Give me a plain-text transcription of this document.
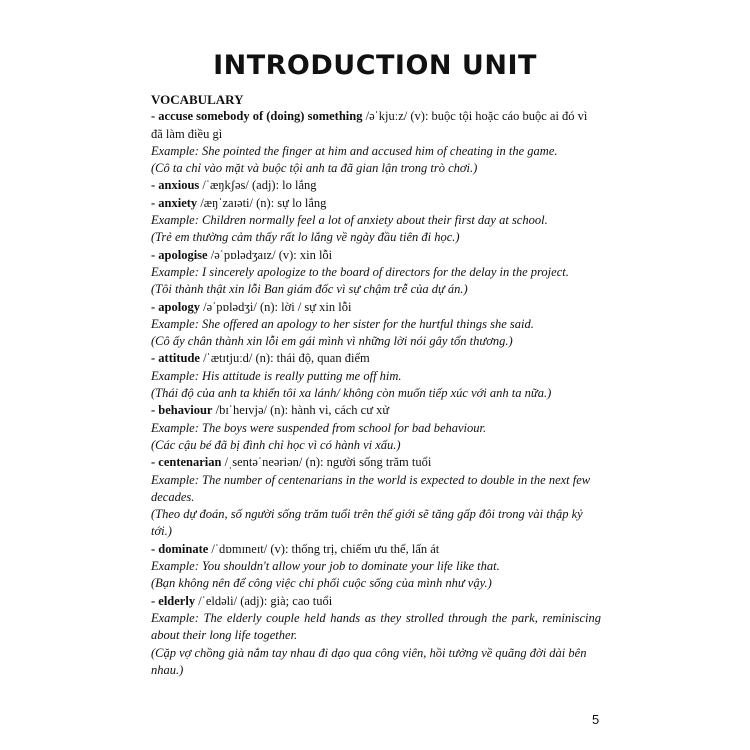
INTRODUCTION UNIT
VOCABULARY
- accuse somebody of (doing) something /əˈkjuːz/ (v): buộc tội hoặc cáo buộc ai đó vì đã làm điều gì
Example: She pointed the finger at him and accused him of cheating in the game.
(Cô ta chỉ vào mặt và buộc tội anh ta đã gian lận trong trò chơi.)
- anxious /ˈæŋkʃəs/ (adj): lo lắng
- anxiety /æŋˈzaɪəti/ (n): sự lo lắng
Example: Children normally feel a lot of anxiety about their first day at school.
(Trẻ em thường cảm thấy rất lo lắng về ngày đầu tiên đi học.)
- apologise /əˈpɒlədʒaɪz/ (v): xin lỗi
Example: I sincerely apologize to the board of directors for the delay in the project.
(Tôi thành thật xin lỗi Ban giám đốc vì sự chậm trễ của dự án.)
- apology /əˈpɒlədʒi/ (n): lời / sự xin lỗi
Example: She offered an apology to her sister for the hurtful things she said.
(Cô ấy chân thành xin lỗi em gái mình vì những lời nói gây tổn thương.)
- attitude /ˈætɪtjuːd/ (n): thái độ, quan điểm
Example: His attitude is really putting me off him.
(Thái độ của anh ta khiến tôi xa lánh/ không còn muốn tiếp xúc với anh ta nữa.)
- behaviour /bɪˈheɪvjə/ (n): hành vi, cách cư xử
Example: The boys were suspended from school for bad behaviour.
(Các cậu bé đã bị đình chỉ học vì có hành vi xấu.)
- centenarian /ˌsentəˈneəriən/ (n): người sống trăm tuổi
Example: The number of centenarians in the world is expected to double in the next few decades.
(Theo dự đoán, số người sống trăm tuổi trên thế giới sẽ tăng gấp đôi trong vài thập kỷ tới.)
- dominate /ˈdɒmɪneɪt/ (v): thống trị, chiếm ưu thế, lấn át
Example: You shouldn't allow your job to dominate your life like that.
(Bạn không nên để công việc chi phối cuộc sống của mình như vậy.)
- elderly /ˈeldəli/ (adj): già; cao tuổi
Example: The elderly couple held hands as they strolled through the park, reminiscing about their long life together.
(Cặp vợ chồng già nắm tay nhau đi dạo qua công viên, hồi tưởng về quãng đời dài bên nhau.)
5
